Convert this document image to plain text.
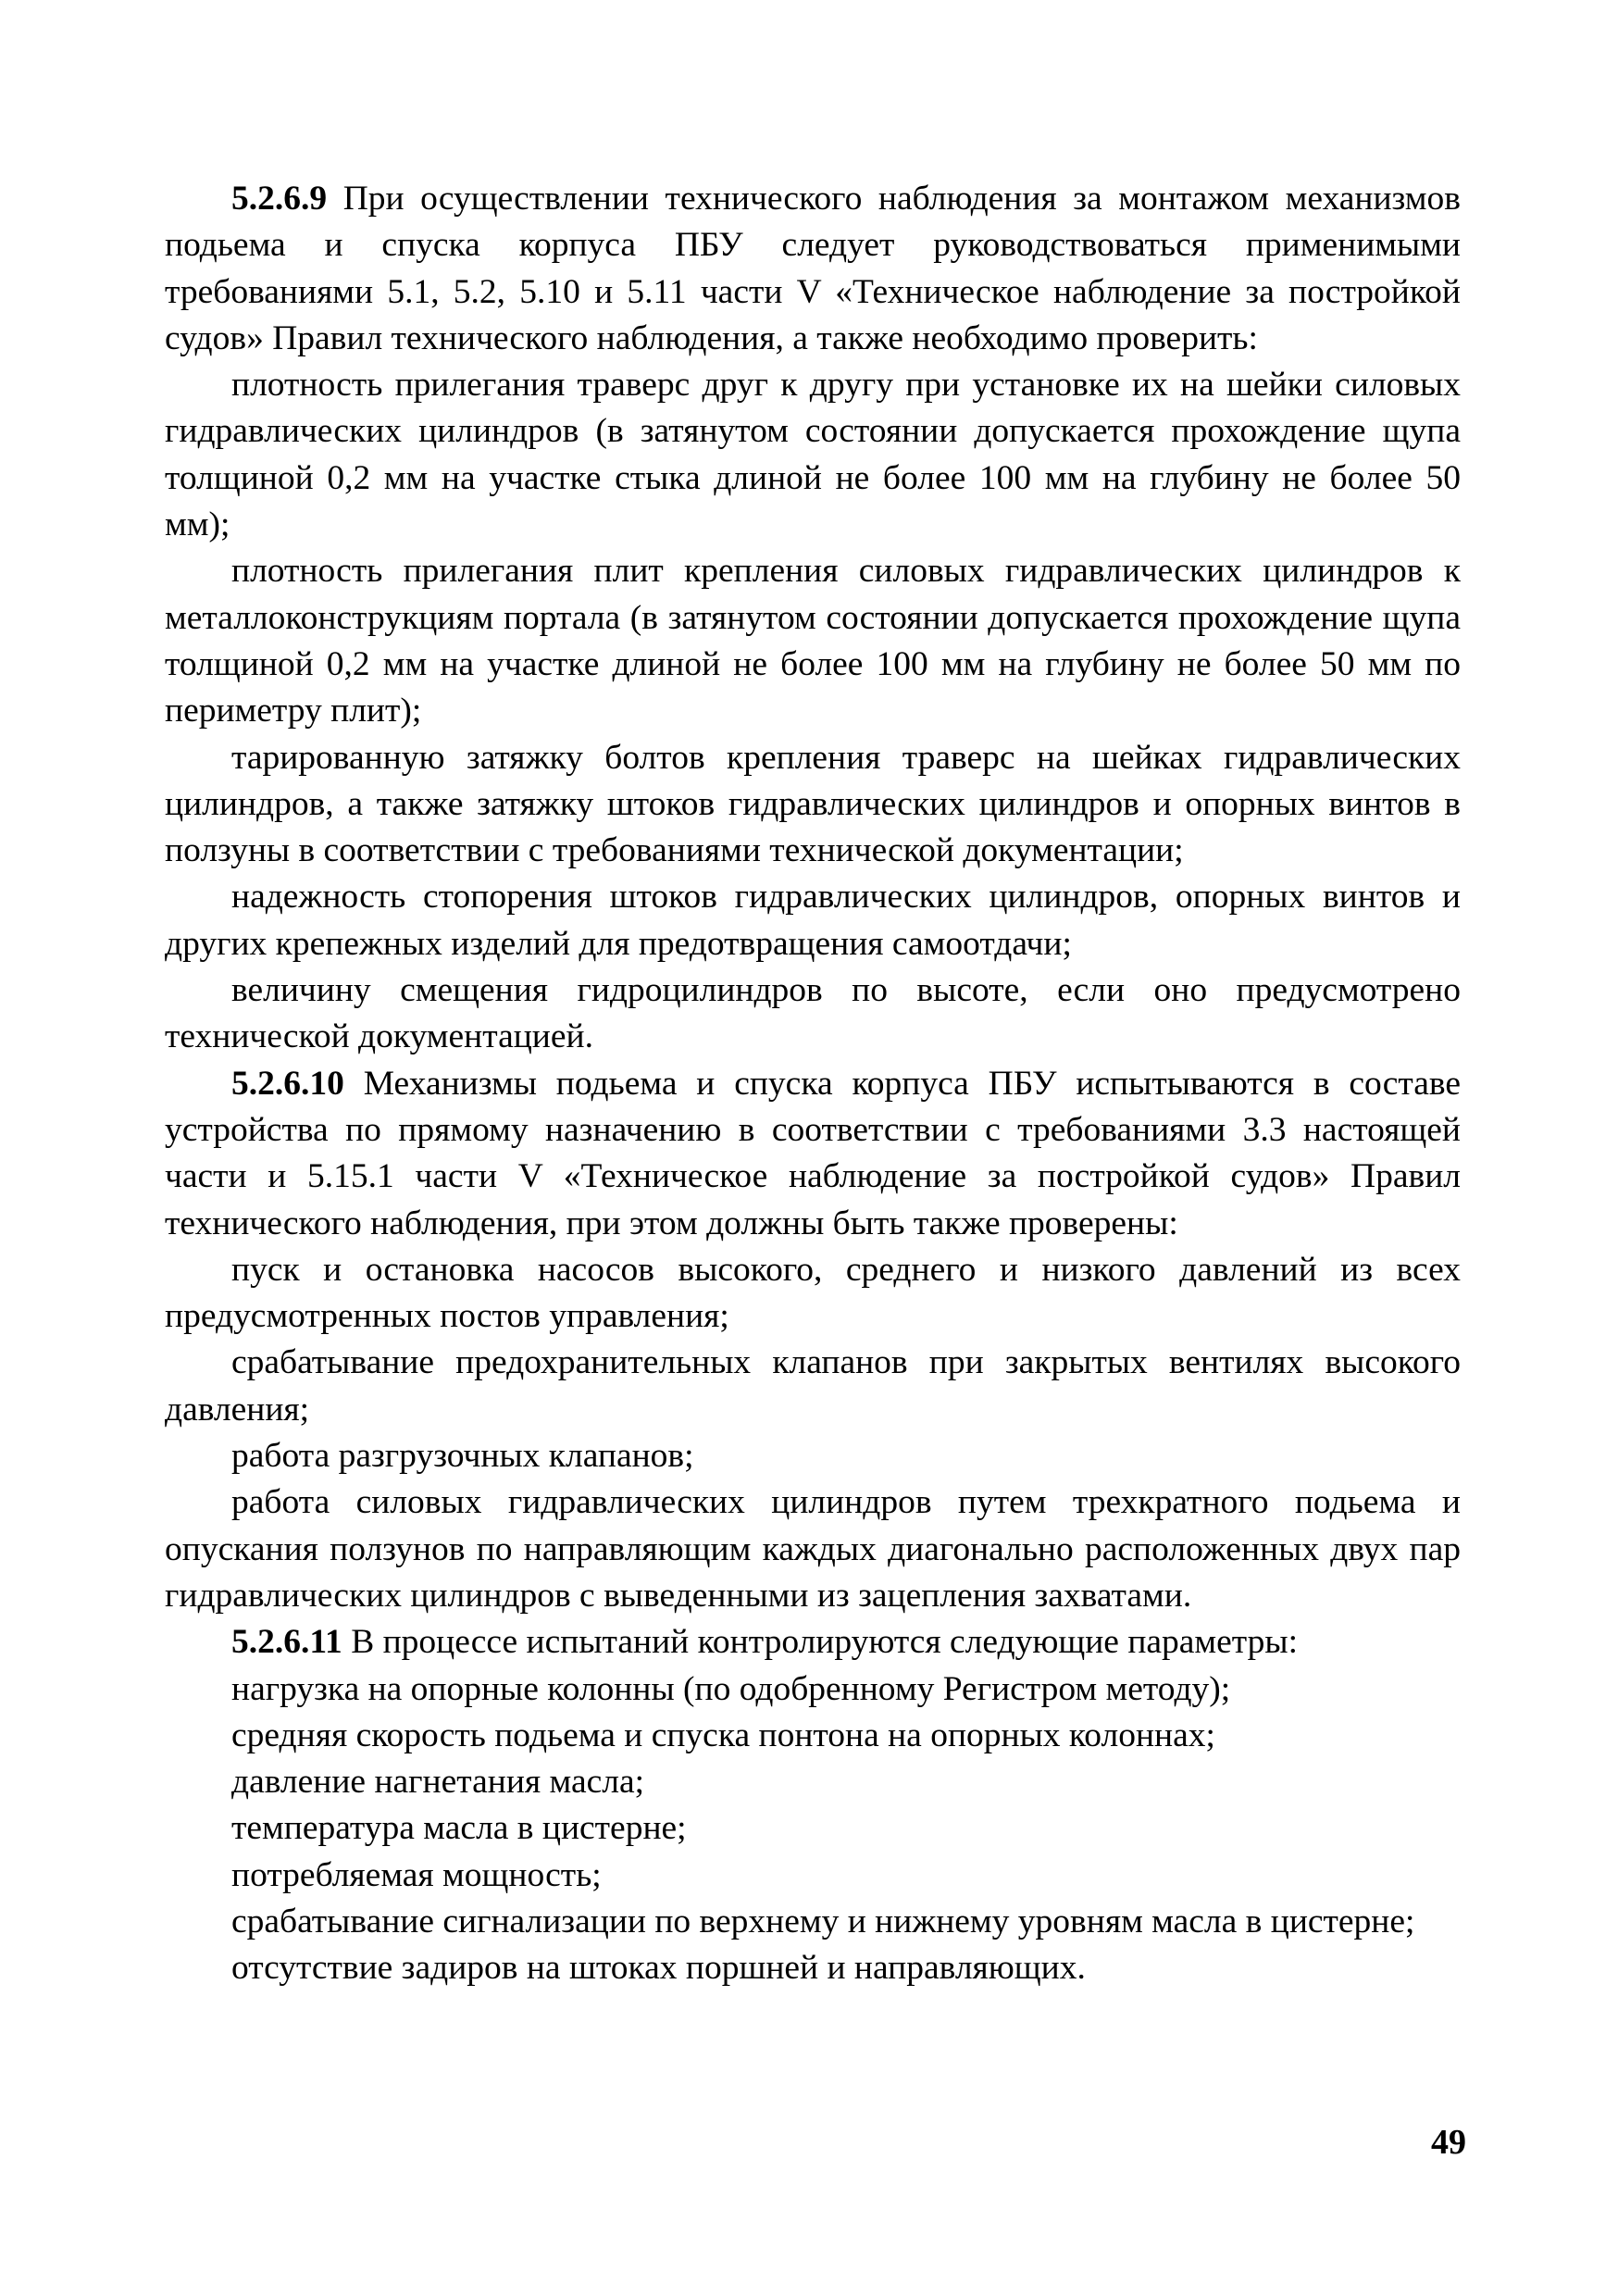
5.2.6.9 При осуществлении технического наблюдения за монтажом механизмов подьема и спуска корпуса ПБУ следует руководствоваться применимыми требованиями 5.1, 5.2, 5.10 и 5.11 части V «Техническое наблюдение за постройкой судов» Правил технического наблюдения, а также необходимо проверить:

плотность прилегания траверс друг к другу при установке их на шейки силовых гидравлических цилиндров (в затянутом состоянии допускается прохождение щупа толщиной 0,2 мм на участке стыка длиной не более 100 мм на глубину не более 50 мм);

плотность прилегания плит крепления силовых гидравлических цилиндров к металлоконструкциям портала (в затянутом состоянии допускается прохождение щупа толщиной 0,2 мм на участке длиной не более 100 мм на глубину не более 50 мм по периметру плит);

тарированную затяжку болтов крепления траверс на шейках гидравлических цилиндров, а также затяжку штоков гидравлических цилиндров и опорных винтов в ползуны в соответствии с требованиями технической документации;

надежность стопорения штоков гидравлических цилиндров, опорных винтов и других крепежных изделий для предотвращения самоотдачи;

величину смещения гидроцилиндров по высоте, если оно предусмотрено технической документацией.

5.2.6.10 Механизмы подьема и спуска корпуса ПБУ испытываются в составе устройства по прямому назначению в соответствии с требованиями 3.3 настоящей части и 5.15.1 части V «Техническое наблюдение за постройкой судов» Правил технического наблюдения, при этом должны быть также проверены:

пуск и остановка насосов высокого, среднего и низкого давлений из всех предусмотренных постов управления;

срабатывание предохранительных клапанов при закрытых вентилях высокого давления;

работа разгрузочных клапанов;

работа силовых гидравлических цилиндров путем трехкратного подьема и опускания ползунов по направляющим каждых диагонально расположенных двух пар гидравлических цилиндров с выведенными из зацепления захватами.

5.2.6.11 В процессе испытаний контролируются следующие параметры:

нагрузка на опорные колонны (по одобренному Регистром методу);

средняя скорость подьема и спуска понтона на опорных колоннах;

давление нагнетания масла;

температура масла в цистерне;

потребляемая мощность;

срабатывание сигнализации по верхнему и нижнему уровням масла в цистерне;

отсутствие задиров на штоках поршней и направляющих.

49
